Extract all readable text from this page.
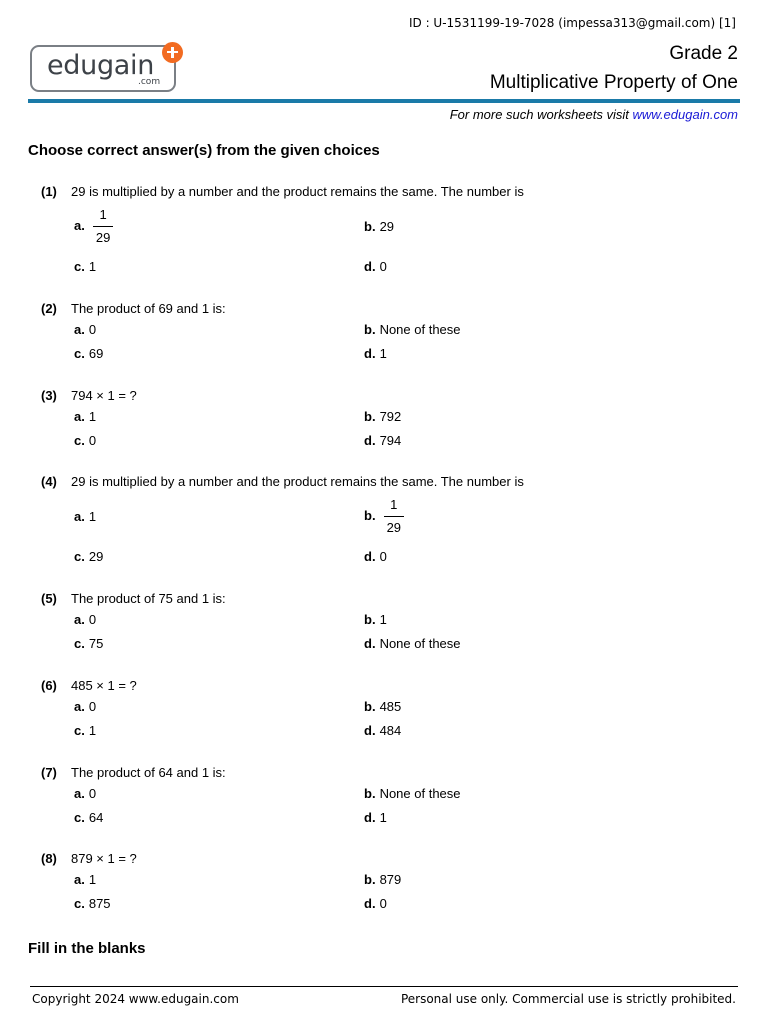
ID : U-1531199-19-7028 (impessa313@gmail.com) [1]
edugain
.com
Grade 2
Multiplicative Property of One
For more such worksheets visit www.edugain.com
Choose correct answer(s) from the given choices
(1) 29 is multiplied by a number and the product remains the same. The number is
a. $\frac{1}{29}$	b. 29
c. 1	d. 0
(2) The product of 69 and 1 is:
a. 0	b. None of these
c. 69	d. 1
(3) 794 × 1 = ?
a. 1	b. 792
c. 0	d. 794
(4) 29 is multiplied by a number and the product remains the same. The number is
a. 1	b. $\frac{1}{29}$
c. 29	d. 0
(5) The product of 75 and 1 is:
a. 0	b. 1
c. 75	d. None of these
(6) 485 × 1 = ?
a. 0	b. 485
c. 1	d. 484
(7) The product of 64 and 1 is:
a. 0	b. None of these
c. 64	d. 1
(8) 879 × 1 = ?
a. 1	b. 879
c. 875	d. 0
Fill in the blanks
Copyright 2024 www.edugain.com	Personal use only. Commercial use is strictly prohibited.
